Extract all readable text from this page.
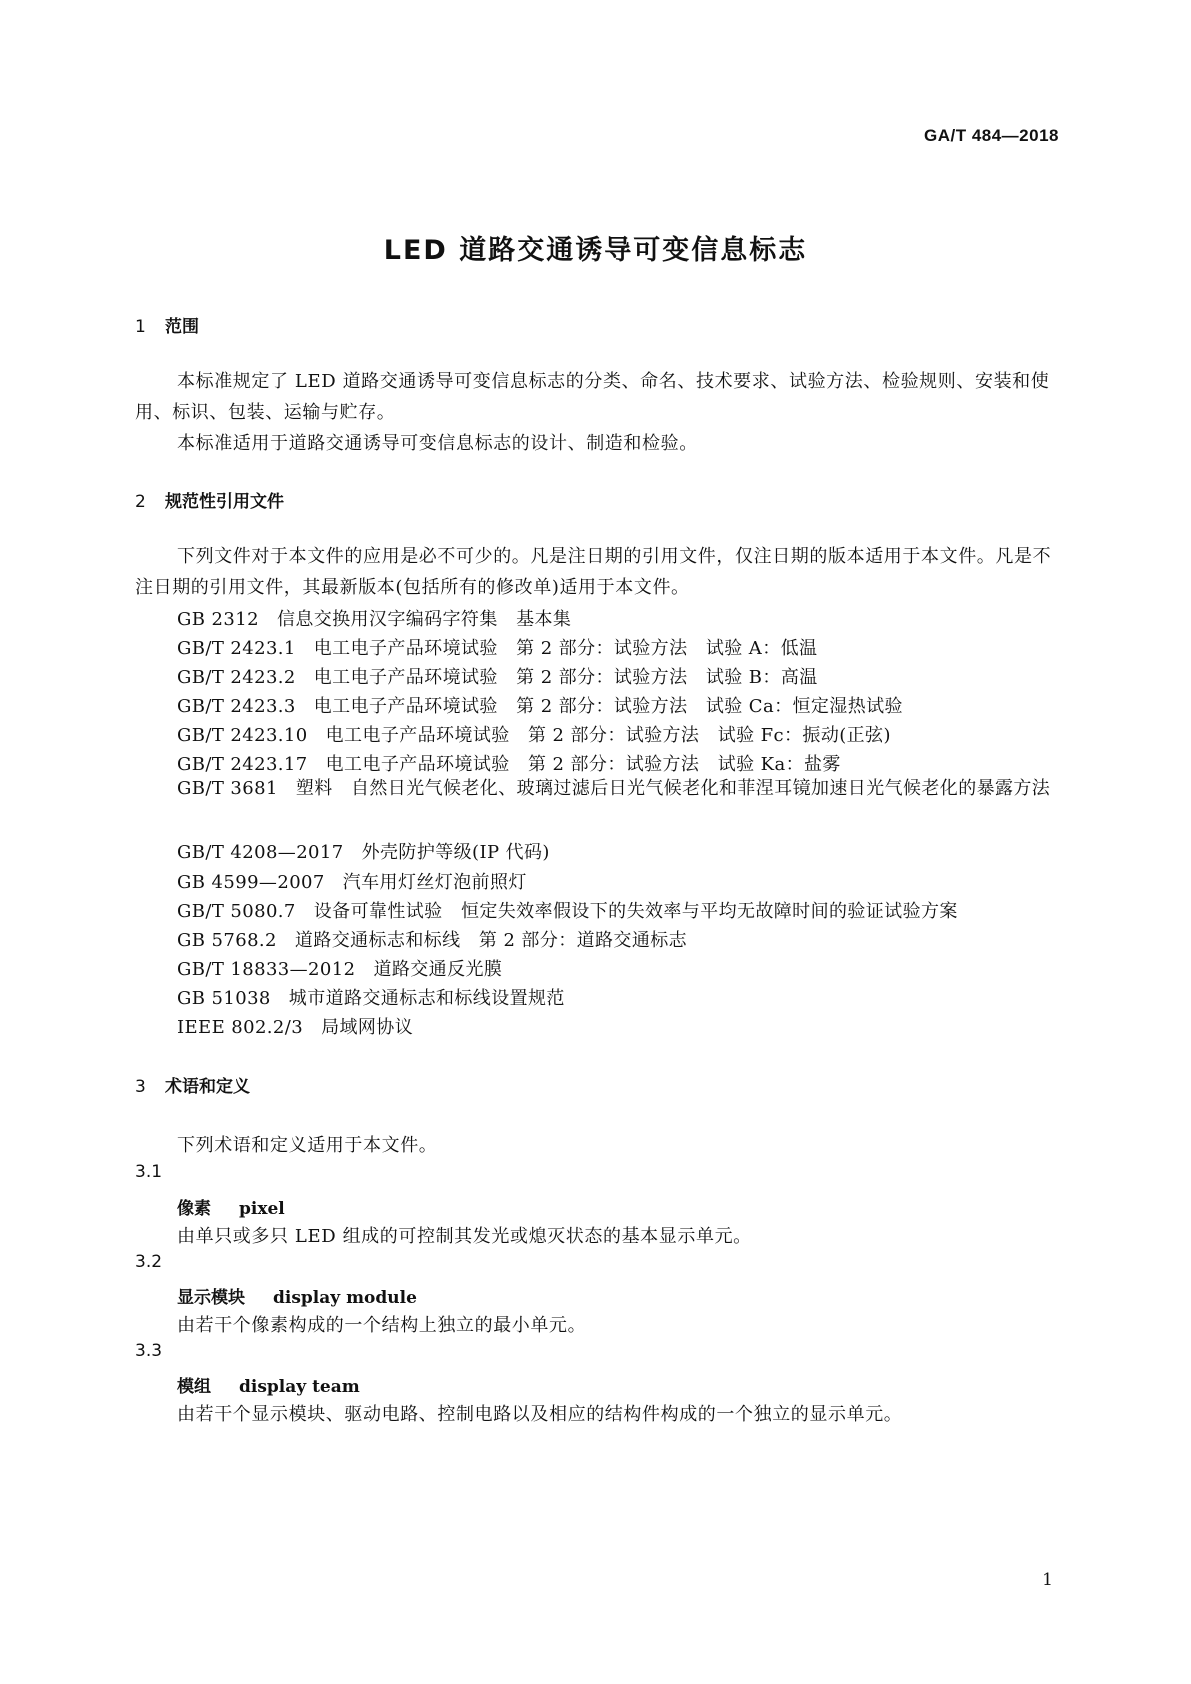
GA/T 484—2018
LED 道路交通诱导可变信息标志
1 范围
本标准规定了 LED 道路交通诱导可变信息标志的分类、命名、技术要求、试验方法、检验规则、安装和使用、标识、包装、运输与贮存。
本标准适用于道路交通诱导可变信息标志的设计、制造和检验。
2 规范性引用文件
下列文件对于本文件的应用是必不可少的。凡是注日期的引用文件，仅注日期的版本适用于本文件。凡是不注日期的引用文件，其最新版本(包括所有的修改单)适用于本文件。
GB 2312 信息交换用汉字编码字符集　基本集
GB/T 2423.1 电工电子产品环境试验　第 2 部分：试验方法　试验 A：低温
GB/T 2423.2 电工电子产品环境试验　第 2 部分：试验方法　试验 B：高温
GB/T 2423.3 电工电子产品环境试验　第 2 部分：试验方法　试验 Ca：恒定湿热试验
GB/T 2423.10 电工电子产品环境试验　第 2 部分：试验方法　试验 Fc：振动(正弦)
GB/T 2423.17 电工电子产品环境试验　第 2 部分：试验方法　试验 Ka：盐雾
GB/T 3681 塑料　自然日光气候老化、玻璃过滤后日光气候老化和菲涅耳镜加速日光气候老化的暴露方法
GB/T 4208—2017 外壳防护等级(IP 代码)
GB 4599—2007 汽车用灯丝灯泡前照灯
GB/T 5080.7 设备可靠性试验　恒定失效率假设下的失效率与平均无故障时间的验证试验方案
GB 5768.2 道路交通标志和标线　第 2 部分：道路交通标志
GB/T 18833—2012 道路交通反光膜
GB 51038 城市道路交通标志和标线设置规范
IEEE 802.2/3 局域网协议
3 术语和定义
下列术语和定义适用于本文件。
3.1
像素 pixel
由单只或多只 LED 组成的可控制其发光或熄灭状态的基本显示单元。
3.2
显示模块 display module
由若干个像素构成的一个结构上独立的最小单元。
3.3
模组 display team
由若干个显示模块、驱动电路、控制电路以及相应的结构件构成的一个独立的显示单元。
1
